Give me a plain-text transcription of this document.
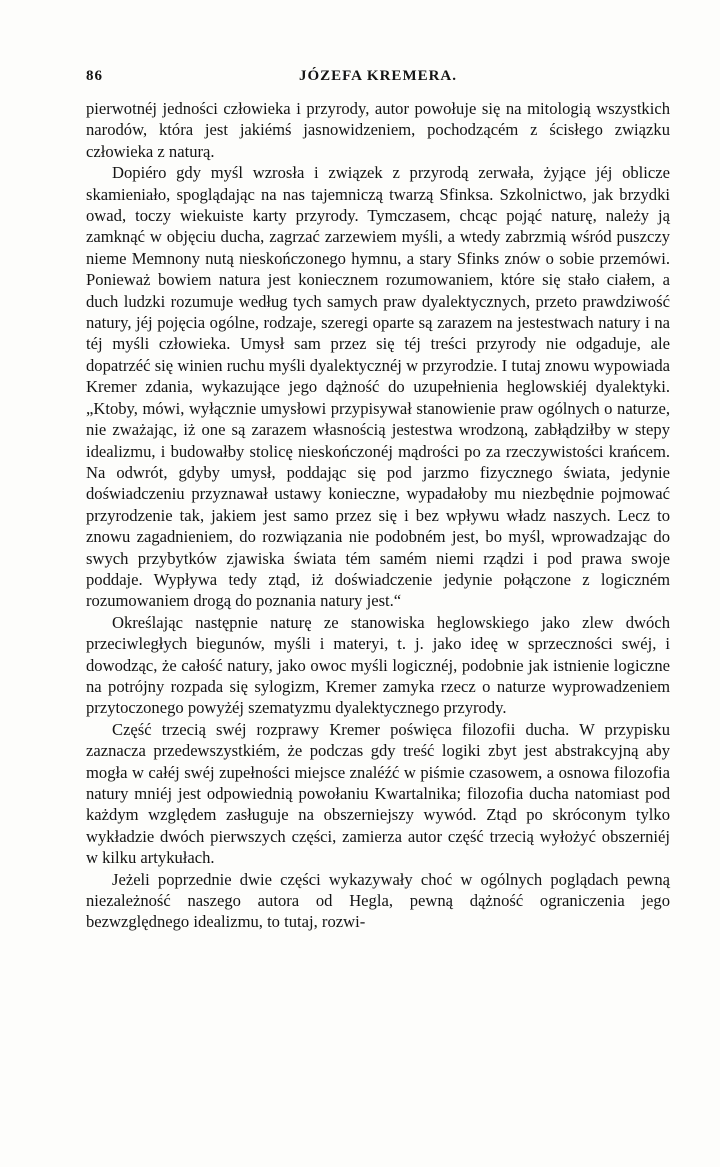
86	JÓZEFA KREMERA.

pierwotnéj jedności człowieka i przyrody, autor powołuje się na mitologią wszystkich narodów, która jest jakiémś jasnowidzeniem, pochodzącém z ścisłego związku człowieka z naturą.

Dopiéro gdy myśl wzrosła i związek z przyrodą zerwała, żyjące jéj oblicze skamieniało, spoglądając na nas tajemniczą twarzą Sfinksa. Szkolnictwo, jak brzydki owad, toczy wiekuiste karty przyrody. Tymczasem, chcąc pojąć naturę, należy ją zamknąć w objęciu ducha, zagrzać zarzewiem myśli, a wtedy zabrzmią wśród puszczy nieme Memnony nutą nieskończonego hymnu, a stary Sfinks znów o sobie przemówi. Ponieważ bowiem natura jest koniecznem rozumowaniem, które się stało ciałem, a duch ludzki rozumuje według tych samych praw dyalektycznych, przeto prawdziwość natury, jéj pojęcia ogólne, rodzaje, szeregi oparte są zarazem na jestestwach natury i na téj myśli człowieka. Umysł sam przez się téj treści przyrody nie odgaduje, ale dopatrzéć się winien ruchu myśli dyalektycznéj w przyrodzie. I tutaj znowu wypowiada Kremer zdania, wykazujące jego dążność do uzupełnienia heglowskiéj dyalektyki. „Ktoby, mówi, wyłącznie umysłowi przypisywał stanowienie praw ogólnych o naturze, nie zważając, iż one są zarazem własnością jestestwa wrodzoną, zabłądziłby w stepy idealizmu, i budowałby stolicę nieskończonéj mądrości po za rzeczywistości krańcem. Na odwrót, gdyby umysł, poddając się pod jarzmo fizycznego świata, jedynie doświadczeniu przyznawał ustawy konieczne, wypadałoby mu niezbędnie pojmować przyrodzenie tak, jakiem jest samo przez się i bez wpływu władz naszych. Lecz to znowu zagadnieniem, do rozwiązania nie podobném jest, bo myśl, wprowadzając do swych przybytków zjawiska świata tém samém niemi rządzi i pod prawa swoje poddaje. Wypływa tedy ztąd, iż doświadczenie jedynie połączone z logiczném rozumowaniem drogą do poznania natury jest.“

Określając następnie naturę ze stanowiska heglowskiego jako zlew dwóch przeciwległych biegunów, myśli i materyi, t. j. jako ideę w sprzeczności swéj, i dowodząc, że całość natury, jako owoc myśli logicznéj, podobnie jak istnienie logiczne na potrójny rozpada się sylogizm, Kremer zamyka rzecz o naturze wyprowadzeniem przytoczonego powyżéj szematyzmu dyalektycznego przyrody.

Część trzecią swéj rozprawy Kremer poświęca filozofii ducha. W przypisku zaznacza przedewszystkiém, że podczas gdy treść logiki zbyt jest abstrakcyjną aby mogła w całéj swéj zupełności miejsce znaléźć w piśmie czasowem, a osnowa filozofia natury mniéj jest odpowiednią powołaniu Kwartalnika; filozofia ducha natomiast pod każdym względem zasługuje na obszerniejszy wywód. Ztąd po skróconym tylko wykładzie dwóch pierwszych części, zamierza autor część trzecią wyłożyć obszerniéj w kilku artykułach.

Jeżeli poprzednie dwie części wykazywały choć w ogólnych poglądach pewną niezależność naszego autora od Hegla, pewną dążność ograniczenia jego bezwzględnego idealizmu, to tutaj, rozwi-
